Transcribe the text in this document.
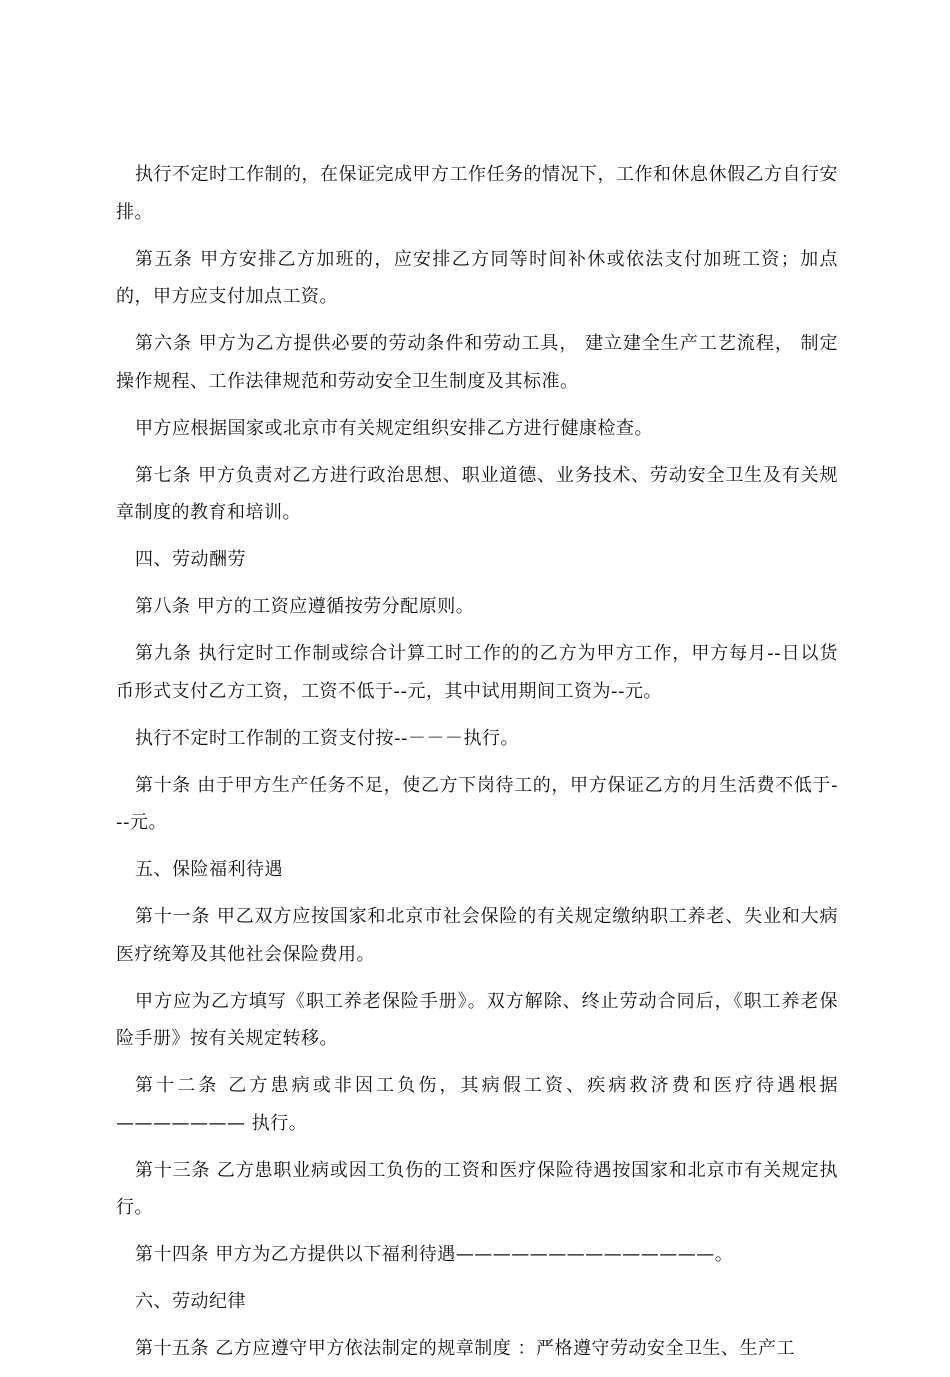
执行不定时工作制的，在保证完成甲方工作任务的情况下，工作和休息休假乙方自行安排。

第五条 甲方安排乙方加班的，应安排乙方同等时间补休或依法支付加班工资；加点的，甲方应支付加点工资。

第六条 甲方为乙方提供必要的劳动条件和劳动工具， 建立建全生产工艺流程， 制定操作规程、工作法律规范和劳动安全卫生制度及其标准。

甲方应根据国家或北京市有关规定组织安排乙方进行健康检查。

第七条 甲方负责对乙方进行政治思想、职业道德、业务技术、劳动安全卫生及有关规章制度的教育和培训。

四、劳动酬劳

第八条 甲方的工资应遵循按劳分配原则。

第九条 执行定时工作制或综合计算工时工作的的乙方为甲方工作，甲方每月--日以货币形式支付乙方工资，工资不低于--元，其中试用期间工资为--元。

执行不定时工作制的工资支付按--－－－执行。

第十条 由于甲方生产任务不足，使乙方下岗待工的，甲方保证乙方的月生活费不低于---元。

五、保险福利待遇

第十一条 甲乙双方应按国家和北京市社会保险的有关规定缴纳职工养老、失业和大病医疗统筹及其他社会保险费用。

甲方应为乙方填写《职工养老保险手册》。双方解除、终止劳动合同后，《职工养老保险手册》按有关规定转移。

第十二条 乙方患病或非因工负伤，其病假工资、疾病救济费和医疗待遇根据——————— 执行。

第十三条 乙方患职业病或因工负伤的工资和医疗保险待遇按国家和北京市有关规定执行。

第十四条 甲方为乙方提供以下福利待遇——————————————。

六、劳动纪律

第十五条 乙方应遵守甲方依法制定的规章制度 ：严格遵守劳动安全卫生、生产工
